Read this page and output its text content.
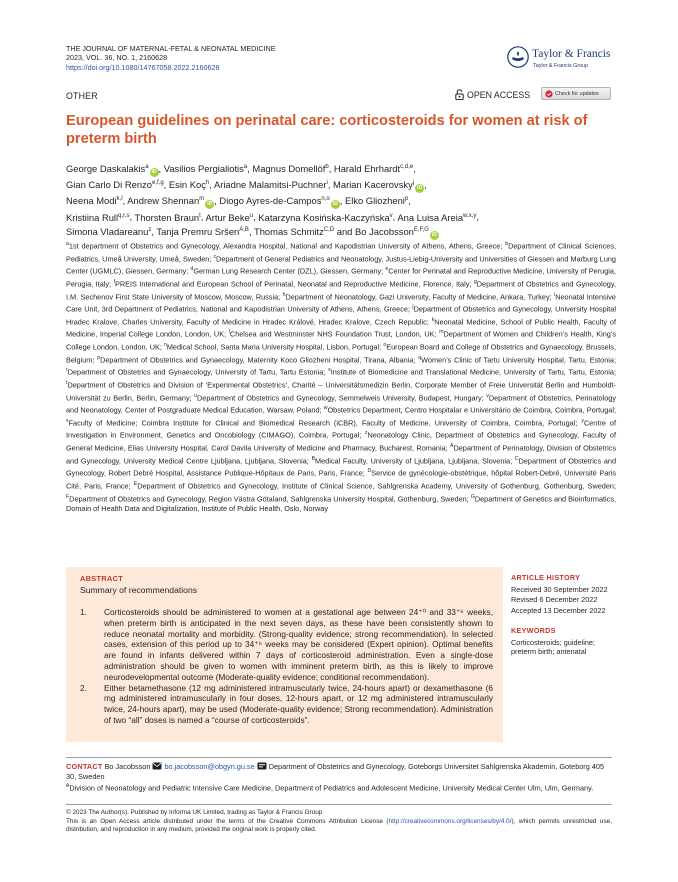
THE JOURNAL OF MATERNAL-FETAL & NEONATAL MEDICINE
2023, VOL. 36, NO. 1, 2160628
https://doi.org/10.1080/14767058.2022.2160628
Taylor & Francis
Taylor & Francis Group
OTHER	OPEN ACCESS	Check for updates
European guidelines on perinatal care: corticosteroids for women at risk of preterm birth
George Daskalakis$^a$iD , Vasilios Pergialiotis$^a$, Magnus Domellöf$^b$, Harald Ehrhardt$^{c,d,e}$,
Gian Carlo Di Renzo$^{e,f,g}$, Esin Koç$^h$, Ariadne Malamitsi-Puchner$^i$, Marian Kacerovsky$^j$iD ,
Neena Modi$^{k,l}$, Andrew Shennan$^m$iD , Diogo Ayres-de-Campos$^{n,o}$iD , Elko Gliozheni$^p$,
Kristiina Rull$^{q,r,s}$, Thorsten Braun$^t$, Artur Beke$^u$, Katarzyna Kosińska-Kaczyńska$^v$, Ana Luisa Areia$^{w,x,y}$,
Simona Vladareanu$^z$, Tanja Premru Sršen$^{A,B}$, Thomas Schmitz$^{C,D}$ and Bo Jacobsson$^{E,F,G}$iD
$^a$1st department of Obstetrics and Gynecology, Alexandra Hospital, National and Kapodistrian University of Athens, Athens, Greece; $^b$Department of Clinical Sciences, Pediatrics, Umeå University, Umeå, Sweden; $^c$Department of General Pediatrics and Neonatology, Justus-Liebig-University and Universities of Giessen and Marburg Lung Center (UGMLC), Giessen, Germany; $^d$German Lung Research Center (DZL), Giessen, Germany; $^e$Center for Perinatal and Reproductive Medicine, University of Perugia, Perugia, Italy; $^f$PREIS International and European School of Perinatal, Neonatal and Reproductive Medicine, Florence, Italy; $^g$Department of Obstetrics and Gynecology, I.M. Sechenov First State University of Moscow, Moscow, Russia; $^h$Department of Neonatology, Gazi University, Faculty of Medicine, Ankara, Turkey; $^i$Neonatal Intensive Care Unit, 3rd Department of Pediatrics, National and Kapodistrian University of Athens, Athens, Greece; $^j$Department of Obstetrics and Gynecology, University Hospital Hradec Kralove, Charles University, Faculty of Medicine in Hradec Králové, Hradec Kralove, Czech Republic; $^k$Neonatal Medicine, School of Public Health, Faculty of Medicine, Imperial College London, London, UK; $^l$Chelsea and Westminster NHS Foundation Trust, London, UK; $^m$Department of Women and Children’s Health, King’s College London, London, UK; $^n$Medical School, Santa Maria University Hospital, Lisbon, Portugal; $^o$European Board and College of Obstetrics and Gynaecology, Brussels, Belgium; $^p$Department of Obstetrics and Gynaecology, Maternity Koco Gliozheni Hospital, Tirana, Albania; $^q$Women’s Clinic of Tartu University Hospital, Tartu, Estonia; $^r$Department of Obstetrics and Gynaecology, University of Tartu, Tartu Estonia; $^s$Institute of Biomedicine and Translational Medicine, University of Tartu, Tartu, Estonia; $^t$Department of Obstetrics and Division of ‘Experimental Obstetrics’, Charité – Universitätsmedizin Berlin, Corporate Member of Freie Universität Berlin and Humboldt-Universität zu Berlin, Berlin, Germany; $^u$Department of Obstetrics and Gynecology, Semmelweis University, Budapest, Hungary; $^v$Department of Obstetrics, Perinatology and Neonatology, Center of Postgraduate Medical Education, Warsaw, Poland; $^w$Obstetrics Department, Centro Hospitalar e Universitário de Coimbra, Coimbra, Portugal; $^x$Faculty of Medicine; Coimbra Institute for Clinical and Biomedical Research (iCBR), Faculty of Medicine, University of Coimbra, Coimbra, Portugal; $^y$Centre of Investigation in Environment, Genetics and Oncobiology (CIMAGO), Coimbra, Portugal; $^z$Neonatology Clinic, Department of Obstetrics and Gynecology, Faculty of General Medicine, Elias University Hospital, Carol Davila University of Medicine and Pharmacy, Bucharest, Romania; $^A$Department of Perinatology, Division of Obstetrics and Gynecology, University Medical Centre Ljubljana, Ljubljana, Slovenia; $^B$Medical Faculty, University of Ljubljana, Ljubljana, Slovenia; $^C$Department of Obstetrics and Gynecology, Robert Debré Hospital, Assistance Publique-Hôpitaux de Paris, Paris, France; $^D$Service de gynécologie-obstétrique, hôpital Robert-Debré, Université Paris Cité, Paris, France; $^E$Department of Obstetrics and Gynecology, Institute of Clinical Science, Sahlgrenska Academy, University of Gothenburg, Gothenburg, Sweden; $^F$Department of Obstetrics and Gynecology, Region Västra Götaland, Sahlgrenska University Hospital, Gothenburg, Sweden; $^G$Department of Genetics and Bioinformatics, Domain of Health Data and Digitalization, Institute of Public Health, Oslo, Norway
ABSTRACT
Summary of recommendations
1.	Corticosteroids should be administered to women at a gestational age between 24⁺⁰ and 33⁺⁶ weeks, when preterm birth is anticipated in the next seven days, as these have been consistently shown to reduce neonatal mortality and morbidity. (Strong-quality evidence; strong recommendation). In selected cases, extension of this period up to 34⁺⁶ weeks may be considered (Expert opinion). Optimal benefits are found in infants delivered within 7 days of corticosteroid administration. Even a single-dose administration should be given to women with imminent preterm birth, as this is likely to improve neurodevelopmental outcome (Moderate-quality evidence; conditional recommendation).
2.	Either betamethasone (12 mg administered intramuscularly twice, 24-hours apart) or dexamethasone (6 mg administered intramuscularly in four doses, 12-hours apart, or 12 mg administered intramuscularly twice, 24-hours apart), may be used (Moderate-quality evidence; Strong recommendation). Administration of two “all” doses is named a “course of corticosteroids”.
ARTICLE HISTORY
Received 30 September 2022
Revised 6 December 2022
Accepted 13 December 2022
KEYWORDS
Corticosteroids; guideline; preterm birth; antenatal
CONTACT Bo Jacobsson bo.jacobsson@obgyn.gu.se Department of Obstetrics and Gynecology, Goteborgs Universitet Sahlgrenska Akademin, Goteborg 405 30, Sweden
$^e$Division of Neonatology and Pediatric Intensive Care Medicine, Department of Pediatrics and Adolescent Medicine, University Medical Center Ulm, Ulm, Germany.
© 2023 The Author(s). Published by Informa UK Limited, trading as Taylor & Francis Group
This is an Open Access article distributed under the terms of the Creative Commons Attribution License (http://creativecommons.org/licenses/by/4.0/), which permits unrestricted use, distribution, and reproduction in any medium, provided the original work is properly cited.
